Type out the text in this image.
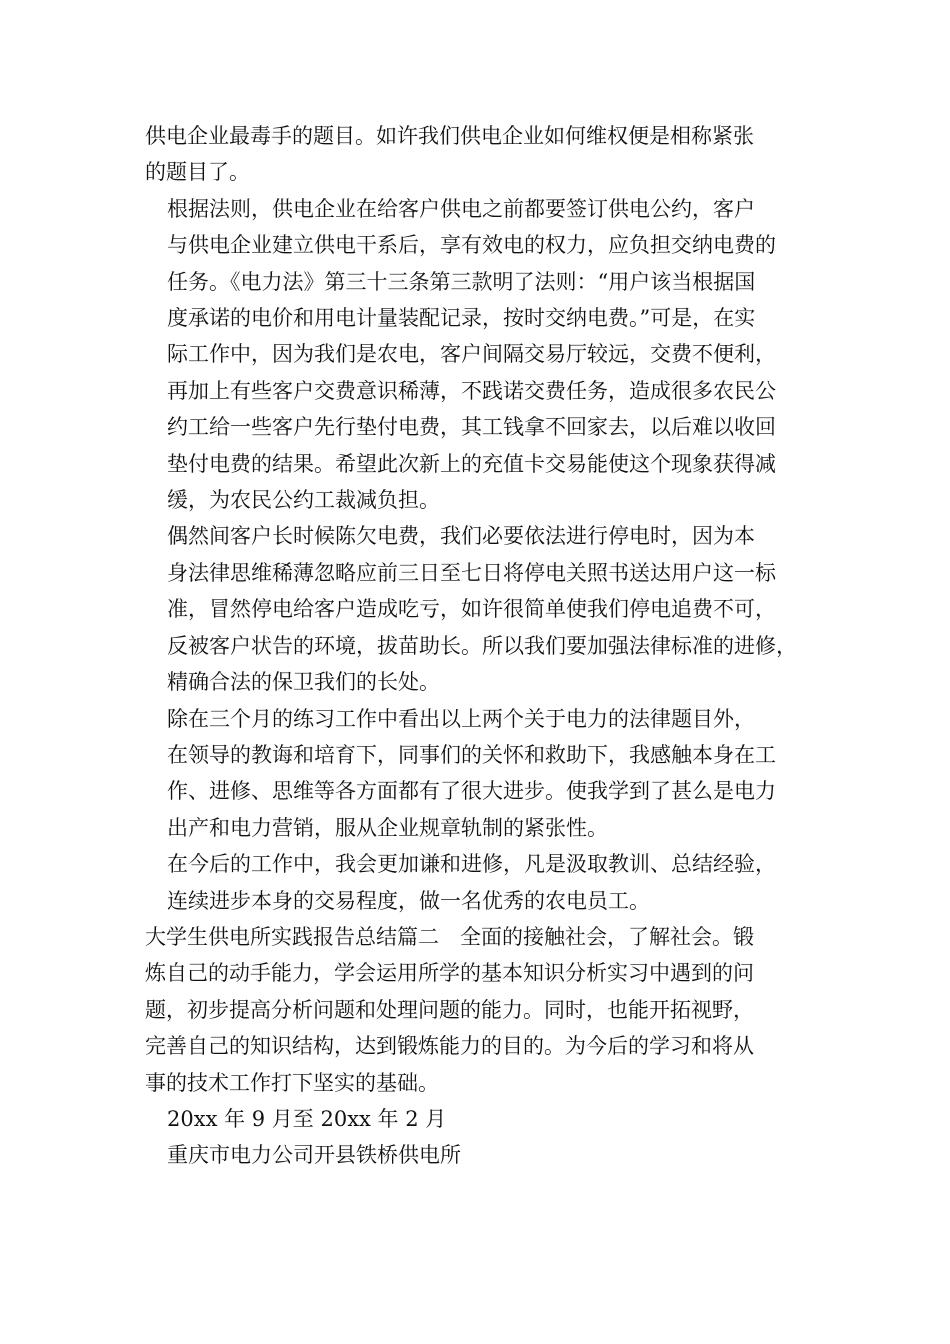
供电企业最毒手的题目。如许我们供电企业如何维权便是相称紧张
的题目了。

根据法则，供电企业在给客户供电之前都要签订供电公约，客户
与供电企业建立供电干系后，享有效电的权力，应负担交纳电费的
任务。《电力法》第三十三条第三款明了法则：“用户该当根据国
度承诺的电价和用电计量装配记录，按时交纳电费。”可是，在实
际工作中，因为我们是农电，客户间隔交易厅较远，交费不便利，
再加上有些客户交费意识稀薄，不践诺交费任务，造成很多农民公
约工给一些客户先行垫付电费，其工钱拿不回家去，以后难以收回
垫付电费的结果。希望此次新上的充值卡交易能使这个现象获得减
缓，为农民公约工裁减负担。

偶然间客户长时候陈欠电费，我们必要依法进行停电时，因为本
身法律思维稀薄忽略应前三日至七日将停电关照书送达用户这一标
准，冒然停电给客户造成吃亏，如许很简单使我们停电追费不可，
反被客户状告的环境，拔苗助长。所以我们要加强法律标准的进修，
精确合法的保卫我们的长处。

除在三个月的练习工作中看出以上两个关于电力的法律题目外，
在领导的教诲和培育下，同事们的关怀和救助下，我感触本身在工
作、进修、思维等各方面都有了很大进步。使我学到了甚么是电力
出产和电力营销，服从企业规章轨制的紧张性。

在今后的工作中，我会更加谦和进修，凡是汲取教训、总结经验，
连续进步本身的交易程度，做一名优秀的农电员工。

大学生供电所实践报告总结篇二　全面的接触社会，了解社会。锻
炼自己的动手能力，学会运用所学的基本知识分析实习中遇到的问
题，初步提高分析问题和处理问题的能力。同时，也能开拓视野，
完善自己的知识结构，达到锻炼能力的目的。为今后的学习和将从
事的技术工作打下坚实的基础。

20xx 年 9 月至 20xx 年 2 月

重庆市电力公司开县铁桥供电所
